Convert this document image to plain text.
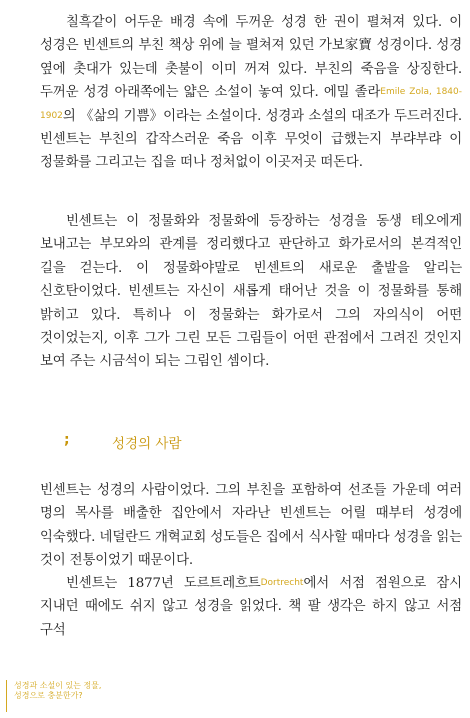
칠흑같이 어두운 배경 속에 두꺼운 성경 한 권이 펼쳐져 있다. 이 성경은 빈센트의 부친 책상 위에 늘 펼쳐져 있던 가보家寶 성경이다. 성경 옆에 촛대가 있는데 촛불이 이미 꺼져 있다. 부친의 죽음을 상징한다. 두꺼운 성경 아래쪽에는 얇은 소설이 놓여 있다. 에밀 졸라Emile Zola, 1840-1902의 《삶의 기쁨》이라는 소설이다. 성경과 소설의 대조가 두드러진다. 빈센트는 부친의 갑작스러운 죽음 이후 무엇이 급했는지 부랴부랴 이 정물화를 그리고는 집을 떠나 정처없이 이곳저곳 떠돈다.

빈센트는 이 정물화와 정물화에 등장하는 성경을 동생 테오에게 보내고는 부모와의 관계를 정리했다고 판단하고 화가로서의 본격적인 길을 걷는다. 이 정물화야말로 빈센트의 새로운 출발을 알리는 신호탄이었다. 빈센트는 자신이 새롭게 태어난 것을 이 정물화를 통해 밝히고 있다. 특히나 이 정물화는 화가로서 그의 자의식이 어떤 것이었는지, 이후 그가 그린 모든 그림들이 어떤 관점에서 그려진 것인지 보여 주는 시금석이 되는 그림인 셈이다.

;	성경의 사람

빈센트는 성경의 사람이었다. 그의 부친을 포함하여 선조들 가운데 여러 명의 목사를 배출한 집안에서 자라난 빈센트는 어릴 때부터 성경에 익숙했다. 네덜란드 개혁교회 성도들은 집에서 식사할 때마다 성경을 읽는 것이 전통이었기 때문이다.

빈센트는 1877년 도르트레흐트Dortrecht에서 서점 점원으로 잠시 지내던 때에도 쉬지 않고 성경을 읽었다. 책 팔 생각은 하지 않고 서점 구석

성경과 소설이 있는 정물,
성경으로 충분한가?
